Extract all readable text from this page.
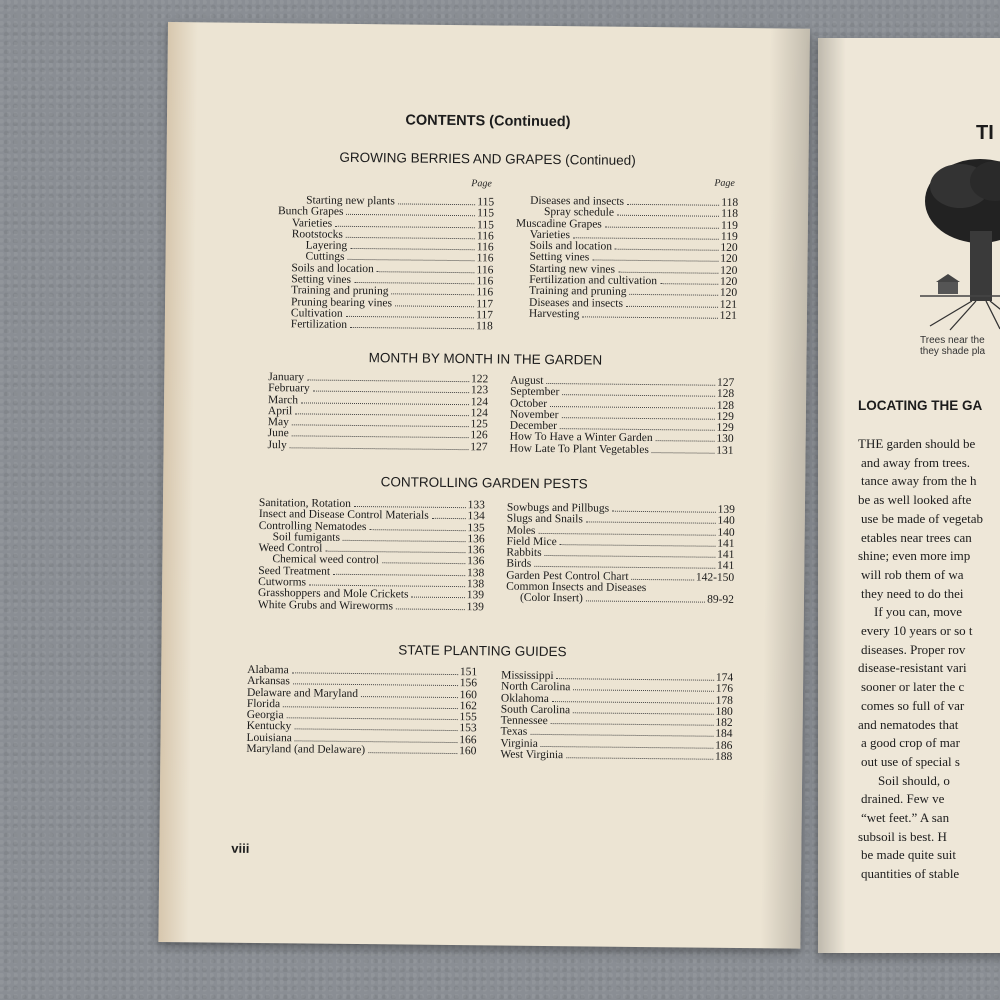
CONTENTS (Continued)
GROWING BERRIES AND GRAPES (Continued)
Page	Page
Starting new plants	115
Bunch Grapes	115
Varieties	115
Rootstocks	116
Layering	116
Cuttings	116
Soils and location	116
Setting vines	116
Training and pruning	116
Pruning bearing vines	117
Cultivation	117
Fertilization	118
Diseases and insects	118
Spray schedule	118
Muscadine Grapes	119
Varieties	119
Soils and location	120
Setting vines	120
Starting new vines	120
Fertilization and cultivation	120
Training and pruning	120
Diseases and insects	121
Harvesting	121
MONTH BY MONTH IN THE GARDEN
January	122
February	123
March	124
April	124
May	125
June	126
July	127
August	127
September	128
October	128
November	129
December	129
How To Have a Winter Garden	130
How Late To Plant Vegetables	131
CONTROLLING GARDEN PESTS
Sanitation, Rotation	133
Insect and Disease Control Materials	134
Controlling Nematodes	135
Soil fumigants	136
Weed Control	136
Chemical weed control	136
Seed Treatment	138
Cutworms	138
Grasshoppers and Mole Crickets	139
White Grubs and Wireworms	139
Sowbugs and Pillbugs	139
Slugs and Snails	140
Moles	140
Field Mice	141
Rabbits	141
Birds	141
Garden Pest Control Chart	142-150
Common Insects and Diseases
(Color Insert)	89-92
STATE PLANTING GUIDES
Alabama	151
Arkansas	156
Delaware and Maryland	160
Florida	162
Georgia	155
Kentucky	153
Louisiana	166
Maryland (and Delaware)	160
Mississippi	174
North Carolina	176
Oklahoma	178
South Carolina	180
Tennessee	182
Texas	184
Virginia	186
West Virginia	188
viii
TI
Trees near the
they shade pla
LOCATING THE GA
THE garden should be
and away from trees.
tance away from the h
be as well looked afte
use be made of vegetab
etables near trees can
shine; even more imp
will rob them of wa
they need to do thei
If you can, move
every 10 years or so t
diseases. Proper rov
disease-resistant vari
sooner or later the c
comes so full of var
and nematodes that
a good crop of mar
out use of special s
Soil should, o
drained. Few ve
“wet feet.” A san
subsoil is best. H
be made quite suit
quantities of stable
